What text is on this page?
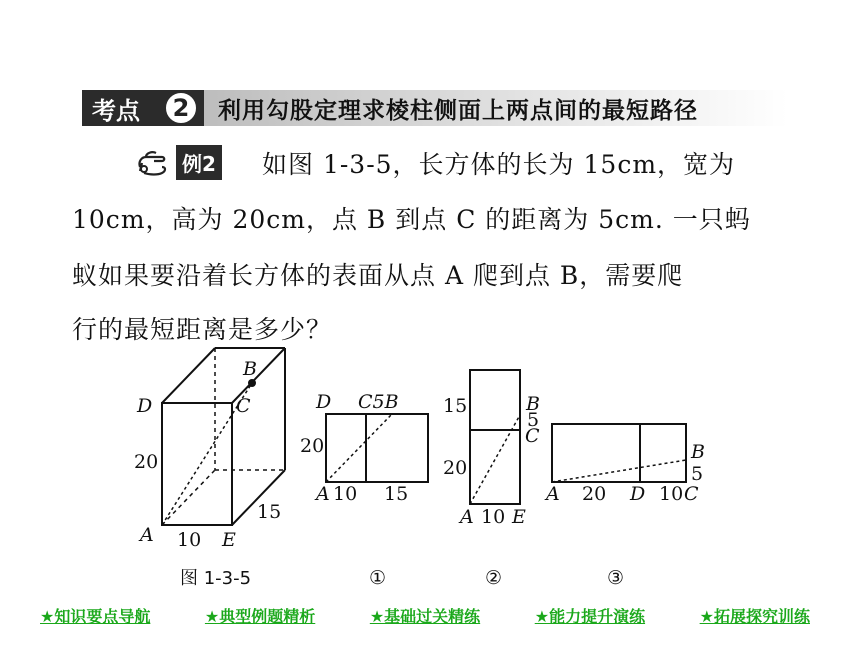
考点	2	利用勾股定理求棱柱侧面上两点间的最短路径
例2 如图 1-3-5，长方体的长为 15cm，宽为
10cm，高为 20cm，点 B 到点 C 的距离为 5cm. 一只蚂
蚁如果要沿着长方体的表面从点 A 爬到点 B，需要爬
行的最短距离是多少？
D
B
C
20
A 10 E
15
D C5B
20
A 10 15
15
20
B
5
C
A 10 E
A 20 D 10 C
B
5
图 1-3-5	①	②	③
★知识要点导航	★典型例题精析	★基础过关精练	★能力提升演练	★拓展探究训练
